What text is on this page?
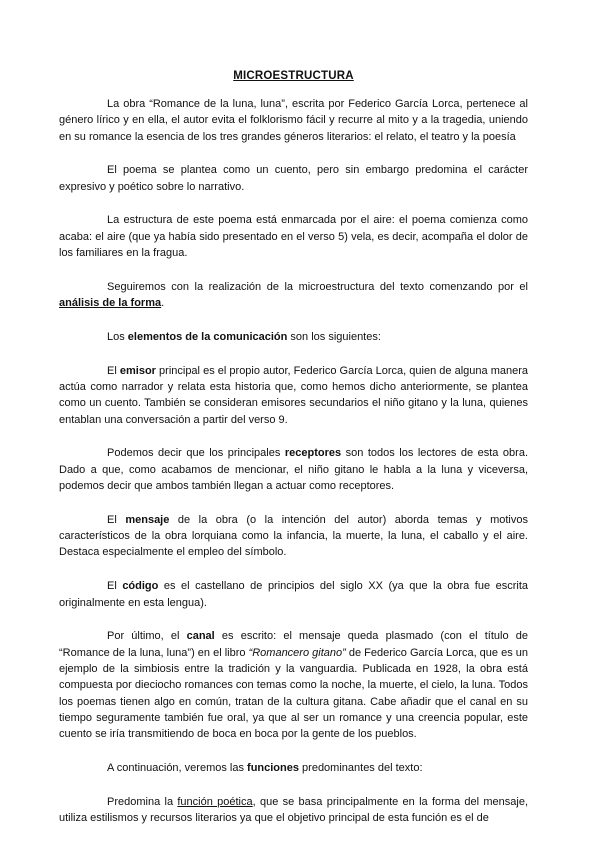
MICROESTRUCTURA

La obra “Romance de la luna, luna”, escrita por Federico García Lorca, pertenece al género lírico y en ella, el autor evita el folklorismo fácil y recurre al mito y a la tragedia, uniendo en su romance la esencia de los tres grandes géneros literarios: el relato, el teatro y la poesía

El poema se plantea como un cuento, pero sin embargo predomina el carácter expresivo y poético sobre lo narrativo.

La estructura de este poema está enmarcada por el aire: el poema comienza como acaba: el aire (que ya había sido presentado en el verso 5) vela, es decir, acompaña el dolor de los familiares en la fragua.

Seguiremos con la realización de la microestructura del texto comenzando por el análisis de la forma.

Los elementos de la comunicación son los siguientes:

El emisor principal es el propio autor, Federico García Lorca, quien de alguna manera actúa como narrador y relata esta historia que, como hemos dicho anteriormente, se plantea como un cuento. También se consideran emisores secundarios el niño gitano y la luna, quienes entablan una conversación a partir del verso 9.

Podemos decir que los principales receptores son todos los lectores de esta obra. Dado a que, como acabamos de mencionar, el niño gitano le habla a la luna y viceversa, podemos decir que ambos también llegan a actuar como receptores.

El mensaje de la obra (o la intención del autor) aborda temas y motivos característicos de la obra lorquiana como la infancia, la muerte, la luna, el caballo y el aire. Destaca especialmente el empleo del símbolo.

El código es el castellano de principios del siglo XX (ya que la obra fue escrita originalmente en esta lengua).

Por último, el canal es escrito: el mensaje queda plasmado (con el título de “Romance de la luna, luna”) en el libro “Romancero gitano” de Federico García Lorca, que es un ejemplo de la simbiosis entre la tradición y la vanguardia. Publicada en 1928, la obra está compuesta por dieciocho romances con temas como la noche, la muerte, el cielo, la luna. Todos los poemas tienen algo en común, tratan de la cultura gitana. Cabe añadir que el canal en su tiempo seguramente también fue oral, ya que al ser un romance y una creencia popular, este cuento se iría transmitiendo de boca en boca por la gente de los pueblos.

A continuación, veremos las funciones predominantes del texto:

Predomina la función poética, que se basa principalmente en la forma del mensaje, utiliza estilismos y recursos literarios ya que el objetivo principal de esta función es el de
